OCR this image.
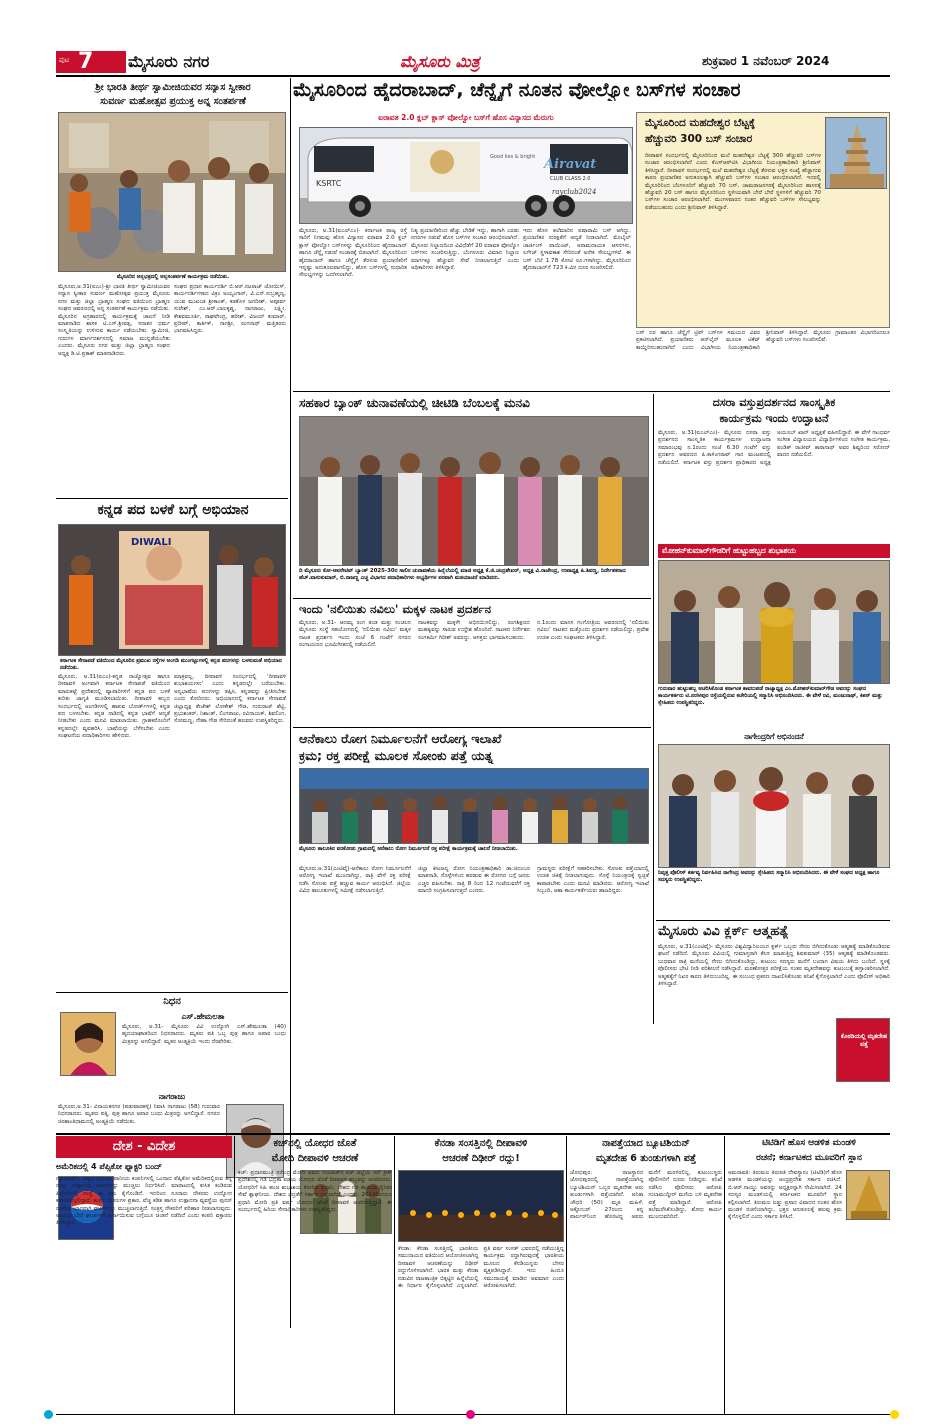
ಪುಟ 7 ಮೈಸೂರು ನಗರ	ಮೈಸೂರು ಮಿತ್ರ	ಶುಕ್ರವಾರ 1 ನವೆಂಬರ್ 2024
ಶ್ರೀ ಭಾರತಿ ತೀರ್ಥ ಸ್ವಾಮೀಜಿಯವರ ಸನ್ಯಾಸ ಸ್ವೀಕಾರ
ಸುವರ್ಣ ಮಹೋತ್ಸವ ಪ್ರಯುಕ್ತ ಅನ್ನ ಸಂತರ್ಪಣೆ
ಮೈಸೂರಿನ ಅನ್ನಛತ್ರದಲ್ಲಿ ಅನ್ನಸಂತರ್ಪಣೆ ಕಾರ್ಯಕ್ರಮ ನಡೆಯಿತು.
ಮೈಸೂರು,ಅ.31(ಐಎಂ)-ಶ್ರೀ ಭಾರತಿ ತೀರ್ಥ ಸ್ವಾಮೀಜಿಯವರ ಸನ್ಯಾಸ ಸ್ವೀಕಾರ ಸುವರ್ಣ ಮಹೋತ್ಸವ ಪ್ರಯುಕ್ತ ಮೈಸೂರು ನಗರ ಮತ್ತು ಜಿಲ್ಲಾ ಬ್ರಾಹ್ಮಣ ಸಂಘದ ವತಿಯಿಂದ ಬ್ರಾಹ್ಮಣ ಸಂಘದ ಆವರಣದಲ್ಲಿ ಅನ್ನ ಸಂತರ್ಪಣೆ ಕಾರ್ಯಕ್ರಮ ನಡೆಯಿತು. ಮೈಸೂರಿನ ಅಗ್ರಹಾರದಲ್ಲಿ ಕಾರ್ಯಕ್ರಮಕ್ಕೆ ಚಾಲನೆ ನೀಡಿ ಮಾತನಾಡಿದ ಶಾಸಕ ಟಿ.ಎಸ್.ಶ್ರೀವತ್ಸ, ಸನಾತನ ಧರ್ಮ ಸಂಸ್ಕೃತಿಯನ್ನು ಉಳಿಸುವ ಕಾರ್ಯ ನಡೆಯಬೇಕು. ಸ್ವಾಮೀಜಿ, ಗುರುಗಳ ಮಾರ್ಗದರ್ಶನದಲ್ಲಿ ಸಮಾಜ ಮುನ್ನಡೆಯಬೇಕು ಎಂದರು. ಮೈಸೂರು ನಗರ ಮತ್ತು ಜಿಲ್ಲಾ ಬ್ರಾಹ್ಮಣ ಸಂಘದ ಅಧ್ಯಕ್ಷ ಡಿ.ಟಿ.ಪ್ರಕಾಶ್ ಮಾತನಾಡಿದರು.
ಸಂಘದ ಪ್ರಧಾನ ಕಾರ್ಯದರ್ಶಿ ಬಿ.ಆರ್.ನಟರಾಜ್ ಜೋಯಿಸ್, ಕಾರ್ಯದರ್ಶಿಗಳಾದ ವಿಕ್ರಂ ಅಯ್ಯಂಗಾರ್, ವಿ.ಎನ್.ಸುಬ್ರಹ್ಮಣ್ಯ, ಯುವ ಮುಖಂಡ ಶ್ರೀಕಾಂತ್, ಕಡಕೊಳ ಜಗದೀಶ್, ಅಪೂರ್ವ ಸುರೇಶ್, ಎಂ.ಆರ್.ಬಾಲಕೃಷ್ಣ, ನಾಗರಾಜು, ಲಕ್ಷ್ಮೀ, ಕೇಶವಮೂರ್ತಿ, ರಾಘವೇಂದ್ರ, ಹರೀಶ್, ವಿಜಯ್ ಕುಮಾರ್, ಪ್ರದೀಪ್, ಕಾರ್ತಿಕ್, ನಾಗಶ್ರೀ, ರಂಗನಾಥ್ ಮತ್ತಿತರರು ಭಾಗವಹಿಸಿದ್ದರು.
ಕನ್ನಡ ಪದ ಬಳಕೆ ಬಗ್ಗೆ ಅಭಿಯಾನ
DIWALI
ಕರ್ನಾಟಕ ಸೇನಾಪಡೆ ವತಿಯಿಂದ ಮೈಸೂರಿನ ಪ್ರಮುಖ ರಸ್ತೆಗಳ ಅಂಗಡಿ ಮುಂಗಟ್ಟುಗಳಲ್ಲಿ ಕನ್ನಡ ಪದಗಳನ್ನು ಬಳಸುವಂತೆ ಅಭಿಯಾನ ನಡೆಯಿತು.
ಮೈಸೂರು, ಅ.31(ಐಎಂ)-ಕನ್ನಡ ರಾಜ್ಯೋತ್ಸವ ಹಾಗೂ ದೀಪಾವಳಿ ಅಂಗವಾಗಿ ಕರ್ನಾಟಕ ಸೇನಾಪಡೆ ವತಿಯಿಂದ ಮಾರುಕಟ್ಟೆ ಪ್ರದೇಶದಲ್ಲಿ ವ್ಯಾಪಾರಿಗಳಿಗೆ ಕನ್ನಡ ಪದ ಬಳಕೆ ಕುರಿತು ಜಾಗೃತಿ ಮೂಡಿಸಲಾಯಿತು. ದೀಪಾವಳಿ ಹಬ್ಬದ ಸಂದರ್ಭದಲ್ಲಿ ಅಂಗಡಿಗಳಲ್ಲಿ ಹಾಕುವ ಬೋರ್ಡ್‌ಗಳಲ್ಲಿ ಕನ್ನಡ ಪದ ಬಳಸಬೇಕು. ಕನ್ನಡ ನಾಡಿನಲ್ಲಿ ಕನ್ನಡ ಭಾಷೆಗೆ ಆದ್ಯತೆ ನೀಡಬೇಕು ಎಂದು ಮನವಿ ಮಾಡಲಾಯಿತು. ಗ್ರಾಹಕರೊಂದಿಗೆ ಕನ್ನಡದಲ್ಲೇ ವ್ಯವಹರಿಸಿ, ಭಾಷೆಯನ್ನು ಬೆಳೆಸಬೇಕು ಎಂದು ಸಂಘಟನೆಯ ಪದಾಧಿಕಾರಿಗಳು ಹೇಳಿದರು.
ಮಾತ್ರವಲ್ಲ, ದೀಪಾವಳಿ ಸಂದರ್ಭದಲ್ಲಿ 'ದೀಪಾವಳಿ ಶುಭಾಶಯಗಳು' ಎಂದು ಕನ್ನಡದಲ್ಲೇ ಬರೆಯಬೇಕು. ಅನ್ಯಭಾಷೆಯ ಪದಗಳನ್ನು ತಪ್ಪಿಸಿ, ಕನ್ನಡವನ್ನು ಪ್ರೀತಿಸಬೇಕು ಎಂದು ಕೋರಿದರು. ಅಭಿಯಾನದಲ್ಲಿ ಕರ್ನಾಟಕ ಸೇನಾಪಡೆ ಜಿಲ್ಲಾಧ್ಯಕ್ಷ ತೇಜೇಶ್ ಲೋಕೇಶ್ ಗೌಡ, ಗುರುರಾಜ್ ಶೆಟ್ಟಿ, ಪ್ರಭುಶಂಕರ್, ನಿಶಾಂತ್, ಲಿಂಗರಾಜು, ರವಿನಾಯಕ್, ಶಿವಲಿಂಗ, ಸೋಮಣ್ಣ, ನೇಹಾ ಗೌಡ ಸೇರಿದಂತೆ ಹಲವರು ಉಪಸ್ಥಿತರಿದ್ದರು.
ನಿಧನ
ಎಸ್.ಹೇಮಲತಾ
ಮೈಸೂರು, ಅ.31- ಮೈಸೂರು ವಿವಿ ಉದ್ಯೋಗಿ ಎಸ್.ಹೇಮಲತಾ (40) ಹೃದಯಾಘಾತದಿಂದ ನಿಧನರಾದರು. ಮೃತರು ಪತಿ ಒಬ್ಬ ಪುತ್ರ ಹಾಗೂ ಅಪಾರ ಬಂಧು ಮಿತ್ರರನ್ನು ಅಗಲಿದ್ದಾರೆ. ಮೃತರ ಅಂತ್ಯಕ್ರಿಯೆ ಇಂದು ನೆರವೇರಿತು.
ನಾಗರಾಜು
ಮೈಸೂರು,ಅ.31- ವಿನಾಯಕನಗರ (ಪಡುವಾರಹಳ್ಳಿ) ನಿವಾಸಿ ನಾಗರಾಜು (58) ಗುರುವಾರ ನಿಧನರಾದರು. ಮೃತರು ಪತ್ನಿ, ಪುತ್ರ ಹಾಗೂ ಅಪಾರ ಬಂಧು ಮಿತ್ರರನ್ನು ಅಗಲಿದ್ದಾರೆ. ನಗರದ ಚಿರಶಾಂತಿಧಾಮದಲ್ಲಿ ಅಂತ್ಯಕ್ರಿಯೆ ನಡೆಯಿತು.
ಮೈಸೂರಿಂದ ಹೈದರಾಬಾದ್, ಚೆನ್ನೈಗೆ ನೂತನ ವೋಲ್ವೋ ಬಸ್‌ಗಳ ಸಂಚಾರ
ಐರಾವತ 2.0 ಕ್ಲಬ್ ಕ್ಲಾಸ್ ವೋಲ್ವೋ ಬಸ್‌ಗೆ ಹೊಸ ವಿನ್ಯಾಸದ ಮೆರುಗು
KSRTC
Airavat
CLUB CLASS 2.0
rayclub2024
Good lies & bright
ಮೈಸೂರು, ಅ.31(ಐಎಲ್‌ಎಂ)- ಕರ್ನಾಟಕ ರಾಜ್ಯ ರಸ್ತೆ ಸಾರಿಗೆ ನಿಗಮವು ಹೊಸ ವಿನ್ಯಾಸದ ಐರಾವತ 2.0 ಕ್ಲಬ್ ಕ್ಲಾಸ್ ವೋಲ್ವೋ ಬಸ್‌ಗಳನ್ನು ಮೈಸೂರಿನಿಂದ ಹೈದರಾಬಾದ್ ಹಾಗೂ ಚೆನ್ನೈ ನಡುವೆ ಸಂಚಾರಕ್ಕೆ ಬಿಡಲಾಗಿದೆ. ಮೈಸೂರಿನಿಂದ ಹೈದರಾಬಾದ್ ಹಾಗೂ ಚೆನ್ನೈಗೆ ತೆರಳುವ ಪ್ರಯಾಣಿಕರಿಗೆ ಇನ್ನಷ್ಟು ಅನುಕೂಲವಾಗಲಿದ್ದು, ಹೊಸ ಬಸ್‌ಗಳಲ್ಲಿ ಸುಧಾರಿತ ಸೌಲಭ್ಯಗಳನ್ನು ಒದಗಿಸಲಾಗಿದೆ.
ನಿತ್ಯ ಪ್ರಯಾಣಿಕರಿಂದ ಹೆಚ್ಚು ಬೇಡಿಕೆ ಇದ್ದು, ಹಾಗಾಗಿ ಎರಡು ನಗರಗಳ ನಡುವೆ ಹೊಸ ಬಸ್‌ಗಳ ಸಂಚಾರ ಆರಂಭಿಸಲಾಗಿದೆ. ಮೈಸೂರು ನಿಲ್ದಾಣದಿಂದ ವಿವಿಧೆಡೆಗೆ 20 ಐರಾವತ ವೋಲ್ವೋ ಬಸ್‌ಗಳು ಸಂಚರಿಸುತ್ತಿದ್ದು, ಬೆಂಗಳೂರು ವಿಮಾನ ನಿಲ್ದಾಣ ಮಾರ್ಗಕ್ಕೂ ಹೆಚ್ಚುವರಿ ಸೇವೆ ನೀಡಲಾಗುತ್ತಿದೆ ಎಂದು ಅಧಿಕಾರಿಗಳು ತಿಳಿಸಿದ್ದಾರೆ.
ಇದು ಹೊಸ ತಲೆಮಾರಿನ ಐಷಾರಾಮಿ ಬಸ್ ಆಗಿದ್ದು, ಪ್ರಯಾಣಿಕರ ಸುರಕ್ಷತೆಗೆ ಆದ್ಯತೆ ನೀಡಲಾಗಿದೆ. ಮೊಬೈಲ್ ಚಾರ್ಜಿಂಗ್ ಪಾಯಿಂಟ್, ಆರಾಮದಾಯಕ ಆಸನಗಳು, ಲಗೇಜ್ ಸ್ಥಳಾವಕಾಶ ಸೇರಿದಂತೆ ಅನೇಕ ಸೌಲಭ್ಯಗಳಿವೆ. ಈ ಬಸ್ ಬೆಲೆ 1.78 ಕೋಟಿ ರೂ.ಗಳಾಗಿದ್ದು, ಮೈಸೂರಿನಿಂದ ಹೈದರಾಬಾದ್‌ಗೆ 723 ಕಿ.ಮೀ ದೂರ ಸಂಚರಿಸಲಿದೆ.
ಬಸ್ ದರ ಹಾಗೂ ಚೆನ್ನೈಗೆ ಟ್ರಿಪ್ ಬಸ್‌ಗಳ ಸಮಯದ ವಿವರ ಪ್ರಕಟಿಸಲಾಗಿದೆ. ಪ್ರಯಾಣಿಕರು ಆನ್‌ಲೈನ್ ಮೂಲಕ ಟಿಕೆಟ್ ಕಾಯ್ದಿರಿಸಬಹುದಾಗಿದೆ ಎಂದು ವಿಭಾಗೀಯ ನಿಯಂತ್ರಣಾಧಿಕಾರಿ ಶ್ರೀನಿವಾಸ್ ತಿಳಿಸಿದ್ದಾರೆ. ಮೈಸೂರು ಗ್ರಾಮಾಂತರ ವಿಭಾಗದಿಂದಲೂ ಹೆಚ್ಚುವರಿ ಬಸ್‌ಗಳು ಸಂಚರಿಸಲಿವೆ.
ಮೈಸೂರಿಂದ ಮಹದೇಶ್ವರ ಬೆಟ್ಟಕ್ಕೆ
ಹೆಚ್ಚುವರಿ 300 ಬಸ್ ಸಂಚಾರ
ದೀಪಾವಳಿ ಸಂದರ್ಭದಲ್ಲಿ ಮೈಸೂರಿನಿಂದ ಮಲೆ ಮಹದೇಶ್ವರ ಬೆಟ್ಟಕ್ಕೆ 300 ಹೆಚ್ಚುವರಿ ಬಸ್‌ಗಳ ಸಂಚಾರ ಆರಂಭಿಸಲಾಗಿದೆ ಎಂದು ಕೆಎಸ್‌ಆರ್‌ಟಿಸಿ ವಿಭಾಗೀಯ ನಿಯಂತ್ರಣಾಧಿಕಾರಿ ಶ್ರೀನಿವಾಸ್ ತಿಳಿಸಿದ್ದಾರೆ. ದೀಪಾವಳಿ ಸಂದರ್ಭದಲ್ಲಿ ಮಲೆ ಮಹದೇಶ್ವರ ಬೆಟ್ಟಕ್ಕೆ ತೆರಳುವ ಭಕ್ತರ ಸಂಖ್ಯೆ ಹೆಚ್ಚಾಗುವ ಕಾರಣ ಪ್ರಯಾಣಿಕರ ಅನುಕೂಲಕ್ಕಾಗಿ ಹೆಚ್ಚುವರಿ ಬಸ್‌ಗಳ ಸಂಚಾರ ಆರಂಭಿಸಲಾಗಿದೆ. ಇದರಲ್ಲಿ ಮೈಸೂರಿನಿಂದ ಬೆಂಗಳೂರಿಗೆ ಹೆಚ್ಚುವರಿ 70 ಬಸ್, ಚಾಮರಾಜನಗರಕ್ಕೆ ಮೈಸೂರಿನಿಂದ ಹಾಸನಕ್ಕೆ ಹೆಚ್ಚುವರಿ 20 ಬಸ್ ಹಾಗೂ ಮೈಸೂರಿನಿಂದ ಸ್ಥಳೀಯವಾಗಿ ಬೇರೆ ಬೇರೆ ಸ್ಥಳಗಳಿಗೆ ಹೆಚ್ಚುವರಿ 70 ಬಸ್‌ಗಳ ಸಂಚಾರ ಆರಂಭಿಸಲಾಗಿದೆ. ಮಂಗಳವಾರದ ನಂತರ ಹೆಚ್ಚುವರಿ ಬಸ್‌ಗಳ ಸೌಲಭ್ಯವನ್ನು ಪಡೆಯಬಹುದು ಎಂದು ಶ್ರೀನಿವಾಸ್ ತಿಳಿಸಿದ್ದಾರೆ.
ಸಹಕಾರ ಬ್ಯಾಂಕ್ ಚುನಾವಣೆಯಲ್ಲಿ ಚೀಟಿಡಿ ಬೆಂಬಲಕ್ಕೆ ಮನವಿ
ದಿ ಮೈಸೂರು ಕೋ-ಆಪರೇಟಿವ್ ಬ್ಯಾಂಕ್ 2025-30ರ ಸಾಲಿನ ಚುನಾವಣೆಯ ಹಿನ್ನೆಲೆಯಲ್ಲಿ ಮಾಜಿ ಅಧ್ಯಕ್ಷ ಕೆ.ಜಿ.ಚಂದ್ರಶೇಖರ್, ಅಧ್ಯಕ್ಷ ವಿ.ರಾಜೇಂದ್ರ, ಉಪಾಧ್ಯಕ್ಷ ಪಿ.ಶಿವಣ್ಣ, ನಿರ್ದೇಶಕರಾದ ಹೆಚ್.ವಾಸುಕುಮಾರ್, ಬಿ.ರಾಜಣ್ಣ ಎಚ್ಚ ವಿಭಾಗದ ಪದಾಧಿಕಾರಿಗಳು ಅಭ್ಯರ್ಥಿಗಳ ಪರವಾಗಿ ಮತಯಾಚನೆ ಮಾಡಿದರು.
ಇಂದು 'ನಲಿಯಿತು ನವಿಲು' ಮಕ್ಕಳ ನಾಟಕ ಪ್ರದರ್ಶನ
ಮೈಸೂರು, ಅ.31- ಆದಮ್ಯ ರಂಗ ತಂಡ ಮತ್ತು ಸಂಚಲನ ಮೈಸೂರು ಸಂಸ್ಥೆ ಸಹಯೋಗದಲ್ಲಿ 'ನಲಿಯಿತು ನವಿಲು' ಮಕ್ಕಳ ನಾಟಕ ಪ್ರದರ್ಶನ ಇಂದು ಸಂಜೆ 6 ಗಂಟೆಗೆ ನಗರದ ರಂಗಾಯಣದ ಭೂಮಿಗೀತದಲ್ಲಿ ನಡೆಯಲಿದೆ.
ನಾಟಕವನ್ನು ಮಕ್ಕಳೇ ಅಭಿನಯಿಸಲಿದ್ದು, ರಂಗಶಿಕ್ಷಣದ ಮಹತ್ವವನ್ನು ಸಾರುವ ಉದ್ದೇಶ ಹೊಂದಿದೆ. ನಾಟಕದ ನಿರ್ದೇಶನ ರಂಗಕರ್ಮಿ ಗಿರೀಶ್ ಅವರದ್ದು. ಆಸಕ್ತರು ಭಾಗವಹಿಸಬಹುದು.
ನ.1ರಂದು ಮಾನಸ ಗಂಗೋತ್ರಿಯ ಆವರಣದಲ್ಲಿ 'ನಲಿಯಿತು ನವಿಲು' ನಾಟಕದ ಮತ್ತೊಂದು ಪ್ರದರ್ಶನ ನಡೆಯಲಿದ್ದು, ಪ್ರವೇಶ ಉಚಿತ ಎಂದು ಸಂಘಟಕರು ತಿಳಿಸಿದ್ದಾರೆ.
ಆನೆಕಾಲು ರೋಗ ನಿರ್ಮೂಲನೆಗೆ ಆರೋಗ್ಯ ಇಲಾಖೆ
ಕ್ರಮ; ರಕ್ತ ಪರೀಕ್ಷೆ ಮೂಲಕ ಸೋಂಕು ಪತ್ತೆ ಯತ್ನ
ಮೈಸೂರು ತಾಲೂಕಿನ ವರಕೋಡು ಗ್ರಾಮದಲ್ಲಿ ಆನೆಕಾಲು ರೋಗ ನಿರ್ಮೂಲನೆ ರಕ್ತ ಪರೀಕ್ಷೆ ಕಾರ್ಯಕ್ರಮಕ್ಕೆ ಚಾಲನೆ ನೀಡಲಾಯಿತು.
ಮೈಸೂರು,ಅ.31(ಎಂಟಿವೈ)-ಆನೆಕಾಲು ರೋಗ ನಿರ್ಮೂಲನೆಗೆ ಆರೋಗ್ಯ ಇಲಾಖೆ ಮುಂದಾಗಿದ್ದು, ರಾತ್ರಿ ವೇಳೆ ರಕ್ತ ಪರೀಕ್ಷೆ ನಡೆಸಿ ಸೋಂಕು ಪತ್ತೆ ಹಚ್ಚುವ ಕಾರ್ಯ ಆರಂಭಿಸಿದೆ. ಜಿಲ್ಲೆಯ ವಿವಿಧ ತಾಲೂಕುಗಳಲ್ಲಿ ಸಮೀಕ್ಷೆ ನಡೆಸಲಾಗುತ್ತಿದೆ.
ಜಿಲ್ಲಾ ಕೀಟಜನ್ಯ ರೋಗ ನಿಯಂತ್ರಣಾಧಿಕಾರಿ ಡಾ.ಚಿದಂಬರ ಮಾತನಾಡಿ, ಸೊಳ್ಳೆಗಳಿಂದ ಹರಡುವ ಈ ರೋಗದ ಬಗ್ಗೆ ಜನರು ಎಚ್ಚರ ವಹಿಸಬೇಕು. ರಾತ್ರಿ 8 ರಿಂದ 12 ಗಂಟೆಯವರೆಗೆ ರಕ್ತ ಮಾದರಿ ಸಂಗ್ರಹಿಸಲಾಗುತ್ತದೆ ಎಂದರು.
ಗ್ರಾಮಸ್ಥರು ಪರೀಕ್ಷೆಗೆ ಸಹಕರಿಸಬೇಕು. ಸೋಂಕು ಪತ್ತೆಯಾದಲ್ಲಿ ಉಚಿತ ಚಿಕಿತ್ಸೆ ನೀಡಲಾಗುವುದು. ಸೊಳ್ಳೆ ನಿಯಂತ್ರಣಕ್ಕೆ ಸ್ವಚ್ಛತೆ ಕಾಪಾಡಬೇಕು ಎಂದು ಮನವಿ ಮಾಡಿದರು. ಆರೋಗ್ಯ ಇಲಾಖೆ ಸಿಬ್ಬಂದಿ, ಆಶಾ ಕಾರ್ಯಕರ್ತೆಯರು ಹಾಜರಿದ್ದರು.
ದಸರಾ ವಸ್ತುಪ್ರದರ್ಶನದ ಸಾಂಸ್ಕೃತಿಕ
ಕಾರ್ಯಕ್ರಮ ಇಂದು ಉದ್ಘಾಟನೆ
ಮೈಸೂರು, ಅ.31(ಐಎಲ್‌ಎಂ)- ಮೈಸೂರು ದಸರಾ ವಸ್ತು ಪ್ರದರ್ಶನದ ಸಾಂಸ್ಕೃತಿಕ ಕಾರ್ಯಕ್ರಮಗಳ ಉದ್ಘಾಟನಾ ಸಮಾರಂಭವು ನ.1ರಂದು ಸಂಜೆ 6.30 ಗಂಟೆಗೆ ವಸ್ತು ಪ್ರದರ್ಶನ ಆವರಣದ ಪಿ.ಕಾಳಿಂಗರಾವ್ ಗಾನ ಮಂಟಪದಲ್ಲಿ ನಡೆಯಲಿದೆ. ಕರ್ನಾಟಕ ವಸ್ತು ಪ್ರದರ್ಶನ ಪ್ರಾಧಿಕಾರದ ಅಧ್ಯಕ್ಷ ಅಯೂಬ್ ಖಾನ್ ಅಧ್ಯಕ್ಷತೆ ವಹಿಸಲಿದ್ದಾರೆ. ಈ ವೇಳೆ ಗಾಂಧರ್ವ ಸಂಗೀತ ವಿದ್ಯಾಲಯದ ವಿದ್ಯಾರ್ಥಿಗಳಿಂದ ಸಂಗೀತ ಕಾರ್ಯಕ್ರಮ, ಪಂಡಿತ್ ರಾಜೀವ್ ತಾರಾನಾಥ್ ಅವರ ಶಿಷ್ಯರಿಂದ ಸರೋದ್ ವಾದನ ನಡೆಯಲಿದೆ.
ಮೋಹನ್‌ಕುಮಾರ್‌ಗೌಡರಿಗೆ ಹುಟ್ಟುಹಬ್ಬದ ಶುಭಾಶಯ
ಗುರುವಾರ ಹುಟ್ಟುಹಬ್ಬ ಆಚರಿಸಿಕೊಂಡ ಕರ್ನಾಟಕ ಕಾವಲುಪಡೆ ರಾಜ್ಯಾಧ್ಯಕ್ಷ ಎಂ.ಮೋಹನ್‌ಕುಮಾರ್‌ಗೌಡ ಅವರನ್ನು ಸಂಘದ ಕಾರ್ಯಕರ್ತರು ಟಿ.ನರಸೀಪುರ ರಸ್ತೆಯಲ್ಲಿರುವ ಕಚೇರಿಯಲ್ಲಿ ಸನ್ಮಾನಿಸಿ ಅಭಿನಂದಿಸಿದರು. ಈ ವೇಳೆ ರವಿ, ಮಂಜುನಾಥ್, ಕಿಶನ್ ಮತ್ತು ಸ್ನೇಹಿತರು ಉಪಸ್ಥಿತರಿದ್ದರು.
ನಾಗೇಂದ್ರರಿಗೆ ಅಭಿನಂದನೆ
ನಿವೃತ್ತ ಪೊಲೀಸ್ ಕರ್ತವ್ಯ ನಿರ್ವಹಿಸಿದ ನಾಗೇಂದ್ರ ಅವರನ್ನು ಸ್ನೇಹಿತರು ಸನ್ಮಾನಿಸಿ ಅಭಿನಂದಿಸಿದರು. ಈ ವೇಳೆ ಸಂಘದ ಅಧ್ಯಕ್ಷ ಹಾಗೂ ಸದಸ್ಯರು ಉಪಸ್ಥಿತರಿದ್ದರು.
ಮೈಸೂರು ವಿವಿ ಕ್ಲರ್ಕ್ ಆತ್ಮಹತ್ಯೆ
ಮೈಸೂರು, ಅ.31(ಎಂಟಿವೈ)- ಮೈಸೂರು ವಿಶ್ವವಿದ್ಯಾನಿಲಯದ ಕ್ಲರ್ಕ್ ಒಬ್ಬರು ನೇಣು ಬಿಗಿದುಕೊಂಡು ಆತ್ಮಹತ್ಯೆ ಮಾಡಿಕೊಂಡಿರುವ ಘಟನೆ ನಡೆದಿದೆ. ಮೈಸೂರು ವಿವಿಯಲ್ಲಿ ಗುಮಾಸ್ತರಾಗಿ ಕೆಲಸ ಮಾಡುತ್ತಿದ್ದ ಶಿವಕುಮಾರ್ (35) ಆತ್ಮಹತ್ಯೆ ಮಾಡಿಕೊಂಡವರು. ಬುಧವಾರ ರಾತ್ರಿ ಮನೆಯಲ್ಲಿ ನೇಣು ಬಿಗಿದುಕೊಂಡಿದ್ದು, ಕುಟುಂಬ ಸದಸ್ಯರು ಮನೆಗೆ ಬಂದಾಗ ವಿಷಯ ತಿಳಿದು ಬಂದಿದೆ. ಸ್ಥಳಕ್ಕೆ ಪೊಲೀಸರು ಭೇಟಿ ನೀಡಿ ಪರಿಶೀಲನೆ ನಡೆಸಿದ್ದಾರೆ. ಮರಣೋತ್ತರ ಪರೀಕ್ಷೆಯ ನಂತರ ಮೃತದೇಹವನ್ನು ಕುಟುಂಬಕ್ಕೆ ಹಸ್ತಾಂತರಿಸಲಾಗಿದೆ. ಆತ್ಮಹತ್ಯೆಗೆ ನಿಖರ ಕಾರಣ ತಿಳಿದುಬಂದಿಲ್ಲ. ಈ ಸಂಬಂಧ ಪ್ರಕರಣ ದಾಖಲಿಸಿಕೊಂಡು ತನಿಖೆ ಕೈಗೊಳ್ಳಲಾಗಿದೆ ಎಂದು ಪೊಲೀಸ್ ಅಧಿಕಾರಿ ತಿಳಿಸಿದ್ದಾರೆ.
ಕೊಠಡಿಯಲ್ಲಿ ಮೃತದೇಹ ಪತ್ತೆ
ದೇಶ - ವಿದೇಶ
ಅಮೆರಿಕದಲ್ಲಿ 4 ಪೆಪ್ಸಿಕೋ ಫ್ಯಾಕ್ಟರಿ ಬಂದ್
ನ್ಯೂಯಾರ್ಕ್: ವಿಶ್ವದ ಪ್ರಮುಖ ಪಾನೀಯ ಕಂಪನಿಗಳಲ್ಲಿ ಒಂದಾದ ಪೆಪ್ಸಿಕೋ ಅಮೆರಿಕದಲ್ಲಿರುವ ತನ್ನ ನಾಲ್ಕು ಉತ್ಪಾದನಾ ಘಟಕಗಳನ್ನು ಮುಚ್ಚಲು ನಿರ್ಧರಿಸಿದೆ. ಮಾರಾಟದಲ್ಲಿ ಕುಸಿತ ಕಂಡಿರುವ ಹಿನ್ನೆಲೆಯಲ್ಲಿ ಸಂಸ್ಥೆ ಈ ಕ್ರಮ ಕೈಗೊಂಡಿದೆ. ಇದರಿಂದ ನೂರಾರು ನೌಕರರು ಉದ್ಯೋಗ ಕಳೆದುಕೊಳ್ಳಲಿದ್ದಾರೆ. ಕಂಪನಿ ಮೂಲಗಳ ಪ್ರಕಾರ, ವೆಚ್ಚ ಕಡಿತ ಹಾಗೂ ಉತ್ಪಾದನಾ ವ್ಯವಸ್ಥೆಯ ಪುನರ್ ರಚನೆಯ ಭಾಗವಾಗಿ ಘಟಕಗಳನ್ನು ಮುಚ್ಚಲಾಗುತ್ತಿದೆ. ಸಂತ್ರಸ್ತ ನೌಕರರಿಗೆ ಪರಿಹಾರ ನೀಡಲಾಗುವುದು. ಅವರನ್ನು ಬೇರೆ ಘಟಕಗಳಿಗೆ ವರ್ಗಾಯಿಸುವ ಬಗ್ಗೆಯೂ ಚಿಂತನೆ ನಡೆದಿದೆ ಎಂದು ಕಂಪನಿ ವಕ್ತಾರರು ತಿಳಿಸಿದ್ದಾರೆ.
ಕಚ್‌ನಲ್ಲಿ ಯೋಧರ ಜೊತೆ
ಮೋದಿ ದೀಪಾವಳಿ ಆಚರಣೆ
ಕಚ್: ಪ್ರಧಾನಮಂತ್ರಿ ನರೇಂದ್ರ ಮೋದಿ ಅವರು ಗುಜರಾತ್‌ನ ಕಚ್ ಜಿಲ್ಲೆಯ ಸರ್ ಕ್ರೀಕ್ ಪ್ರದೇಶದಲ್ಲಿ ಗಡಿ ಭದ್ರತಾ ಪಡೆಯ ಯೋಧರ ಜೊತೆ ದೀಪಾವಳಿ ಹಬ್ಬವನ್ನು ಆಚರಿಸಿದರು. ಯೋಧರಿಗೆ ಸಿಹಿ ಹಂಚಿ ಶುಭಾಶಯ ಕೋರಿದ ಪ್ರಧಾನಿ, ದೇಶದ ಗಡಿ ಕಾಯುವ ಸೈನಿಕರ ಸೇವೆ ಶ್ಲಾಘನೀಯ. ದೇಶದ ಭದ್ರತೆಗೆ ಸರ್ಕಾರ ಬದ್ಧವಾಗಿದೆ ಎಂದರು. 2014ರಿಂದಲೂ ಪ್ರಧಾನಿ ಮೋದಿ ಪ್ರತಿ ವರ್ಷ ಯೋಧರ ಜೊತೆ ದೀಪಾವಳಿ ಆಚರಿಸುತ್ತಿದ್ದಾರೆ. ಈ ಸಂದರ್ಭದಲ್ಲಿ ಹಿರಿಯ ಸೇನಾಧಿಕಾರಿಗಳು ಉಪಸ್ಥಿತರಿದ್ದರು.
ಕೆನಡಾ ಸಂಸತ್ತಿನಲ್ಲಿ ದೀಪಾವಳಿ
ಆಚರಣೆ ದಿಢೀರ್ ರದ್ದು!
ಕೆನಡಾ: ಕೆನಡಾ ಸಂಸತ್ತಿನಲ್ಲಿ ಭಾರತೀಯ ಸಮುದಾಯದ ವತಿಯಿಂದ ಆಯೋಜಿಸಲಾಗಿದ್ದ ದೀಪಾವಳಿ ಆಚರಣೆಯನ್ನು ದಿಢೀರ್ ರದ್ದುಗೊಳಿಸಲಾಗಿದೆ. ಭಾರತ ಮತ್ತು ಕೆನಡಾ ನಡುವಿನ ರಾಜತಾಂತ್ರಿಕ ಬಿಕ್ಕಟ್ಟಿನ ಹಿನ್ನೆಲೆಯಲ್ಲಿ ಈ ನಿರ್ಧಾರ ಕೈಗೊಳ್ಳಲಾಗಿದೆ ಎನ್ನಲಾಗಿದೆ. ಪ್ರತಿ ವರ್ಷ ಸಂಸತ್ ಭವನದಲ್ಲಿ ನಡೆಯುತ್ತಿದ್ದ ಕಾರ್ಯಕ್ರಮ ರದ್ದಾಗಿರುವುದಕ್ಕೆ ಭಾರತೀಯ ಮೂಲದ ಕೆನಡಿಯನ್ನರು ಬೇಸರ ವ್ಯಕ್ತಪಡಿಸಿದ್ದಾರೆ. ಇದು ಹಿಂದೂ ಸಮುದಾಯಕ್ಕೆ ಮಾಡಿದ ಅವಮಾನ ಎಂದು ಆರೋಪಿಸಲಾಗಿದೆ.
ನಾಪತ್ತೆಯಾದ ಬ್ಯೂಟಿಶಿಯನ್
ಮೃತದೇಹ 6 ತುಂಡುಗಳಾಗಿ ಪತ್ತೆ
ಜೋಧಪುರ: ರಾಜಸ್ಥಾನದ ಜೋಧಪುರದಲ್ಲಿ ನಾಪತ್ತೆಯಾಗಿದ್ದ ಬ್ಯೂಟಿಶಿಯನ್ ಒಬ್ಬರ ಮೃತದೇಹ ಆರು ತುಂಡುಗಳಾಗಿ ಪತ್ತೆಯಾಗಿದೆ. ಅನಿತಾ ಚೌಧರಿ (50) ಮೃತ ಮಹಿಳೆ. ಅಕ್ಟೋಬರ್ 27ರಂದು ತನ್ನ ಪಾರ್ಲರ್‌ನಿಂದ ಹೊರಟಿದ್ದ ಅವರು ಮನೆಗೆ ಮರಳಿರಲಿಲ್ಲ. ಕುಟುಂಬಸ್ಥರು ಪೊಲೀಸರಿಗೆ ದೂರು ನೀಡಿದ್ದರು. ತನಿಖೆ ನಡೆಸಿದ ಪೊಲೀಸರು ಆರೋಪಿ ಗುಲಾಮುದ್ದೀನ್ ಮನೆಯ ಬಳಿ ಮೃತದೇಹ ಪತ್ತೆ ಮಾಡಿದ್ದಾರೆ. ಆರೋಪಿ ತಲೆಮರೆಸಿಕೊಂಡಿದ್ದು, ಶೋಧ ಕಾರ್ಯ ಮುಂದುವರಿದಿದೆ.
ಟಿಟಿಡಿಗೆ ಹೊಸ ಆಡಳಿತ ಮಂಡಳಿ
ರಚನೆ; ಕರ್ನಾಟಕದ ಮೂವರಿಗೆ ಸ್ಥಾನ
ಅಮರಾವತಿ: ತಿರುಮಲ ತಿರುಪತಿ ದೇವಸ್ಥಾನಂ (ಟಿಟಿಡಿ)ಗೆ ಹೊಸ ಆಡಳಿತ ಮಂಡಳಿಯನ್ನು ಆಂಧ್ರಪ್ರದೇಶ ಸರ್ಕಾರ ರಚಿಸಿದೆ. ಬಿ.ಆರ್.ನಾಯ್ಡು ಅವರನ್ನು ಅಧ್ಯಕ್ಷರನ್ನಾಗಿ ನೇಮಿಸಲಾಗಿದೆ. 24 ಸದಸ್ಯರ ಮಂಡಳಿಯಲ್ಲಿ ಕರ್ನಾಟಕದ ಮೂವರಿಗೆ ಸ್ಥಾನ ಕಲ್ಪಿಸಲಾಗಿದೆ. ತಿರುಮಲ ಲಡ್ಡು ಪ್ರಸಾದ ವಿವಾದದ ನಂತರ ಹೊಸ ಮಂಡಳಿ ರಚನೆಯಾಗಿದ್ದು, ಭಕ್ತರ ಅನುಕೂಲಕ್ಕೆ ಹಲವು ಕ್ರಮ ಕೈಗೊಳ್ಳಲಿದೆ ಎಂದು ಸರ್ಕಾರ ತಿಳಿಸಿದೆ.
